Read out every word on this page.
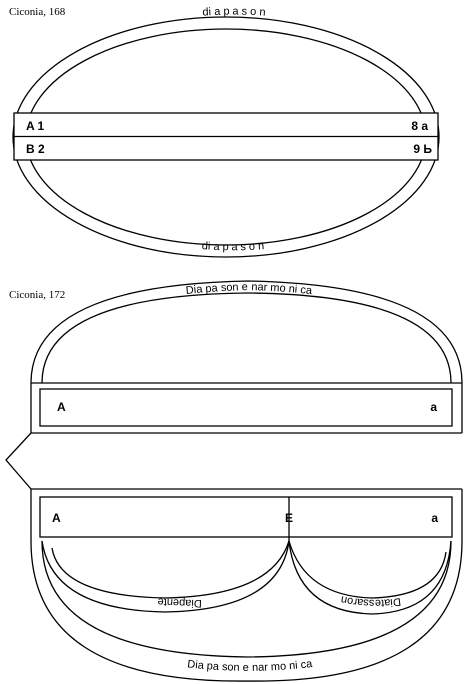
Ciconia, 168
A 1	8 a
B 2	9 Ь
di a p a s o n
di a p a s o n
Ciconia, 172
A	a
A	E	a
Dia pa son e nar mo ni ca
Dia pa son e nar mo ni ca
Diapente	Diatessaron
